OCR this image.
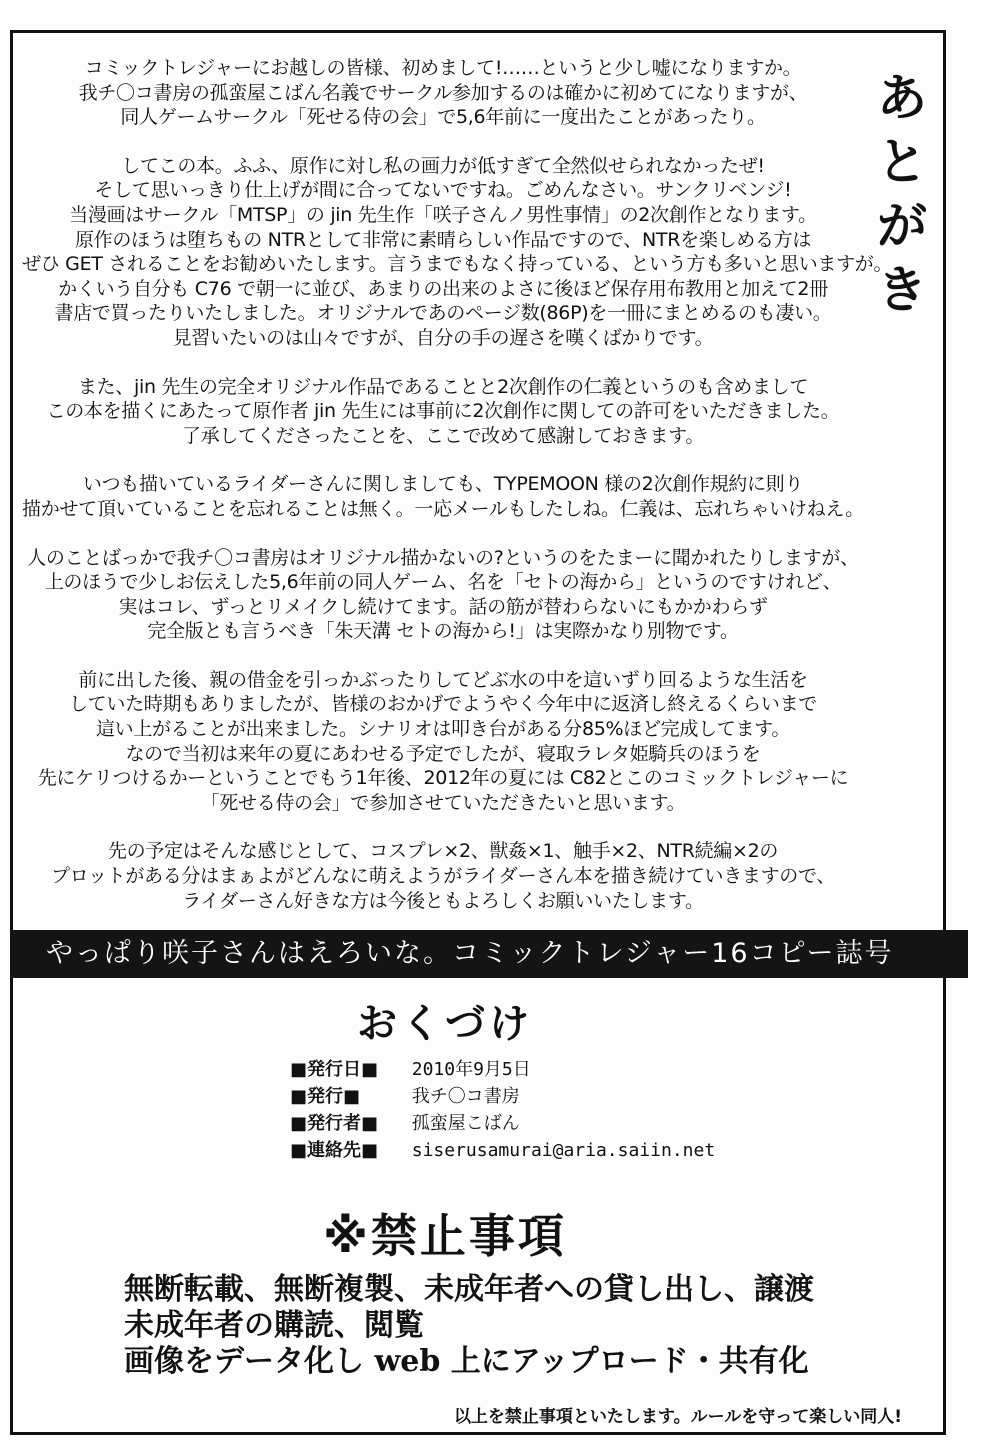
あ
と
が
き
コミックトレジャーにお越しの皆様、初めまして!……というと少し嘘になりますか。
我チ〇コ書房の孤蛮屋こばん名義でサークル参加するのは確かに初めてになりますが、
同人ゲームサークル「死せる侍の会」で5,6年前に一度出たことがあったり。
してこの本。ふふ、原作に対し私の画力が低すぎて全然似せられなかったぜ!
そして思いっきり仕上げが間に合ってないですね。ごめんなさい。サンクリベンジ!
当漫画はサークル「MTSP」の jin 先生作「咲子さんノ男性事情」の2次創作となります。
原作のほうは堕ちもの NTRとして非常に素晴らしい作品ですので、NTRを楽しめる方は
ぜひ GET されることをお勧めいたします。言うまでもなく持っている、という方も多いと思いますが。
かくいう自分も C76 で朝一に並び、あまりの出来のよさに後ほど保存用布教用と加えて2冊
書店で買ったりいたしました。オリジナルであのページ数(86P)を一冊にまとめるのも凄い。
見習いたいのは山々ですが、自分の手の遅さを嘆くばかりです。
また、jin 先生の完全オリジナル作品であることと2次創作の仁義というのも含めまして
この本を描くにあたって原作者 jin 先生には事前に2次創作に関しての許可をいただきました。
了承してくださったことを、ここで改めて感謝しておきます。
いつも描いているライダーさんに関しましても、TYPEMOON 様の2次創作規約に則り
描かせて頂いていることを忘れることは無く。一応メールもしたしね。仁義は、忘れちゃいけねえ。
人のことばっかで我チ〇コ書房はオリジナル描かないの?というのをたまーに聞かれたりしますが、
上のほうで少しお伝えした5,6年前の同人ゲーム、名を「セトの海から」というのですけれど、
実はコレ、ずっとリメイクし続けてます。話の筋が替わらないにもかかわらず
完全版とも言うべき「朱天溝 セトの海から!」は実際かなり別物です。
前に出した後、親の借金を引っかぶったりしてどぶ水の中を這いずり回るような生活を
していた時期もありましたが、皆様のおかげでようやく今年中に返済し終えるくらいまで
這い上がることが出来ました。シナリオは叩き台がある分85%ほど完成してます。
なので当初は来年の夏にあわせる予定でしたが、寝取ラレタ姫騎兵のほうを
先にケリつけるかーということでもう1年後、2012年の夏には C82とこのコミックトレジャーに
「死せる侍の会」で参加させていただきたいと思います。
先の予定はそんな感じとして、コスプレ×2、獣姦×1、触手×2、NTR続編×2の
プロットがある分はまぁよがどんなに萌えようがライダーさん本を描き続けていきますので、
ライダーさん好きな方は今後ともよろしくお願いいたします。
やっぱり咲子さんはえろいな。コミックトレジャー16コピー誌号
おくづけ
■発行日■ 2010年9月5日
■発行■	我チ〇コ書房
■発行者■ 孤蛮屋こばん
■連絡先■ siserusamurai@aria.saiin.net
※禁止事項
無断転載、無断複製、未成年者への貸し出し、譲渡
未成年者の購読、閲覧
画像をデータ化し web 上にアップロード・共有化
以上を禁止事項といたします。ルールを守って楽しい同人!
